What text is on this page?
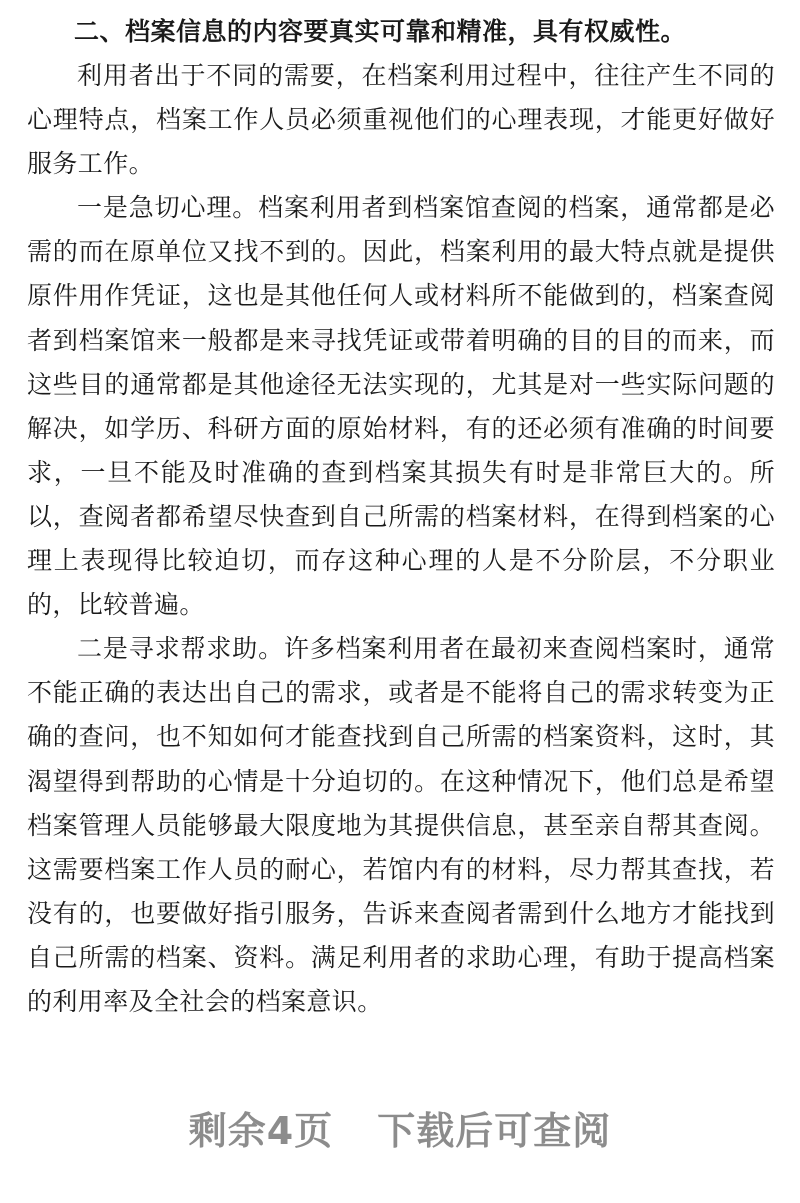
二、档案信息的内容要真实可靠和精准，具有权威性。

利用者出于不同的需要，在档案利用过程中，往往产生不同的心理特点，档案工作人员必须重视他们的心理表现，才能更好做好服务工作。

一是急切心理。档案利用者到档案馆查阅的档案，通常都是必需的而在原单位又找不到的。因此，档案利用的最大特点就是提供原件用作凭证，这也是其他任何人或材料所不能做到的，档案查阅者到档案馆来一般都是来寻找凭证或带着明确的目的目的而来，而这些目的通常都是其他途径无法实现的，尤其是对一些实际问题的解决，如学历、科研方面的原始材料，有的还必须有准确的时间要求，一旦不能及时准确的查到档案其损失有时是非常巨大的。所以，查阅者都希望尽快查到自己所需的档案材料，在得到档案的心理上表现得比较迫切，而存这种心理的人是不分阶层，不分职业的，比较普遍。

二是寻求帮求助。许多档案利用者在最初来查阅档案时，通常不能正确的表达出自己的需求，或者是不能将自己的需求转变为正确的查问，也不知如何才能查找到自己所需的档案资料，这时，其渴望得到帮助的心情是十分迫切的。在这种情况下，他们总是希望档案管理人员能够最大限度地为其提供信息，甚至亲自帮其查阅。这需要档案工作人员的耐心，若馆内有的材料，尽力帮其查找，若没有的，也要做好指引服务，告诉来查阅者需到什么地方才能找到自己所需的档案、资料。满足利用者的求助心理，有助于提高档案的利用率及全社会的档案意识。

剩余4页 下载后可查阅
